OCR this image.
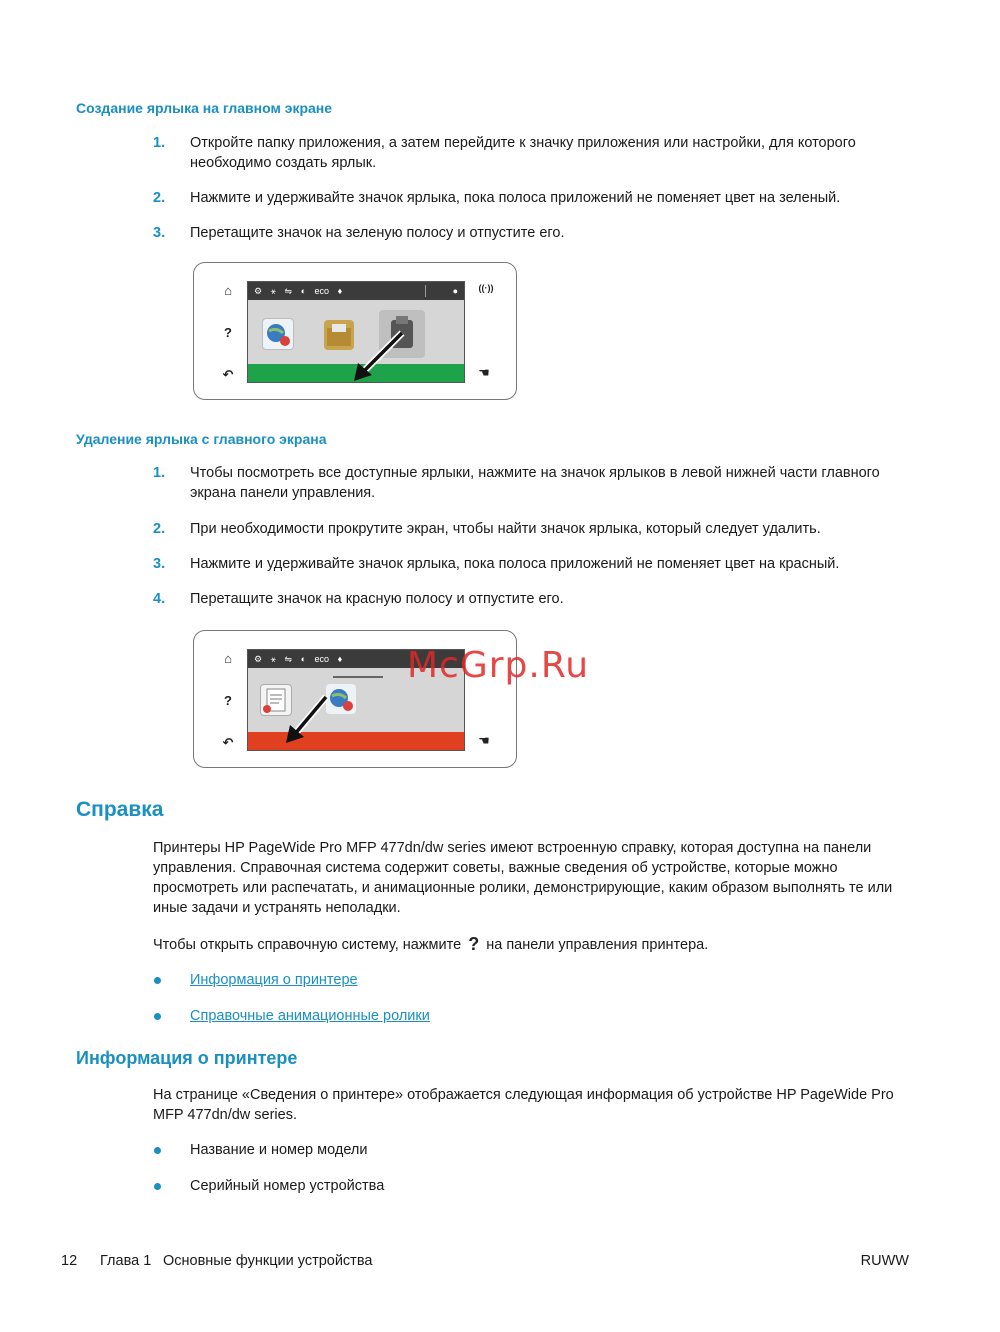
Создание ярлыка на главном экране
1. Откройте папку приложения, а затем перейдите к значку приложения или настройки, для которого необходимо создать ярлык.
2. Нажмите и удерживайте значок ярлыка, пока полоса приложений не поменяет цвет на зеленый.
3. Перетащите значок на зеленую полосу и отпустите его.
⌂
?
↶
((·))
☚
⚙ ⚹ ⇋ ◐ eco ♦	●
Удаление ярлыка с главного экрана
1. Чтобы посмотреть все доступные ярлыки, нажмите на значок ярлыков в левой нижней части главного экрана панели управления.
2. При необходимости прокрутите экран, чтобы найти значок ярлыка, который следует удалить.
3. Нажмите и удерживайте значок ярлыка, пока полоса приложений не поменяет цвет на красный.
4. Перетащите значок на красную полосу и отпустите его.
⌂
?
↶	☚
⚙ ⚹ ⇋ ◐ eco ♦	McGrp.Ru
Справка

Принтеры HP PageWide Pro MFP 477dn/dw series имеют встроенную справку, которая доступна на панели управления. Справочная система содержит советы, важные сведения об устройстве, которые можно просмотреть или распечатать, и анимационные ролики, демонстрирующие, каким образом выполнять те или иные задачи и устранять неполадки.

Чтобы открыть справочную систему, нажмите ? на панели управления принтера.

Информация о принтере
Справочные анимационные ролики
Информация о принтере

На странице «Сведения о принтере» отображается следующая информация об устройстве HP PageWide Pro MFP 477dn/dw series.

Название и номер модели
Серийный номер устройства
12 Глава 1 Основные функции устройства	RUWW
